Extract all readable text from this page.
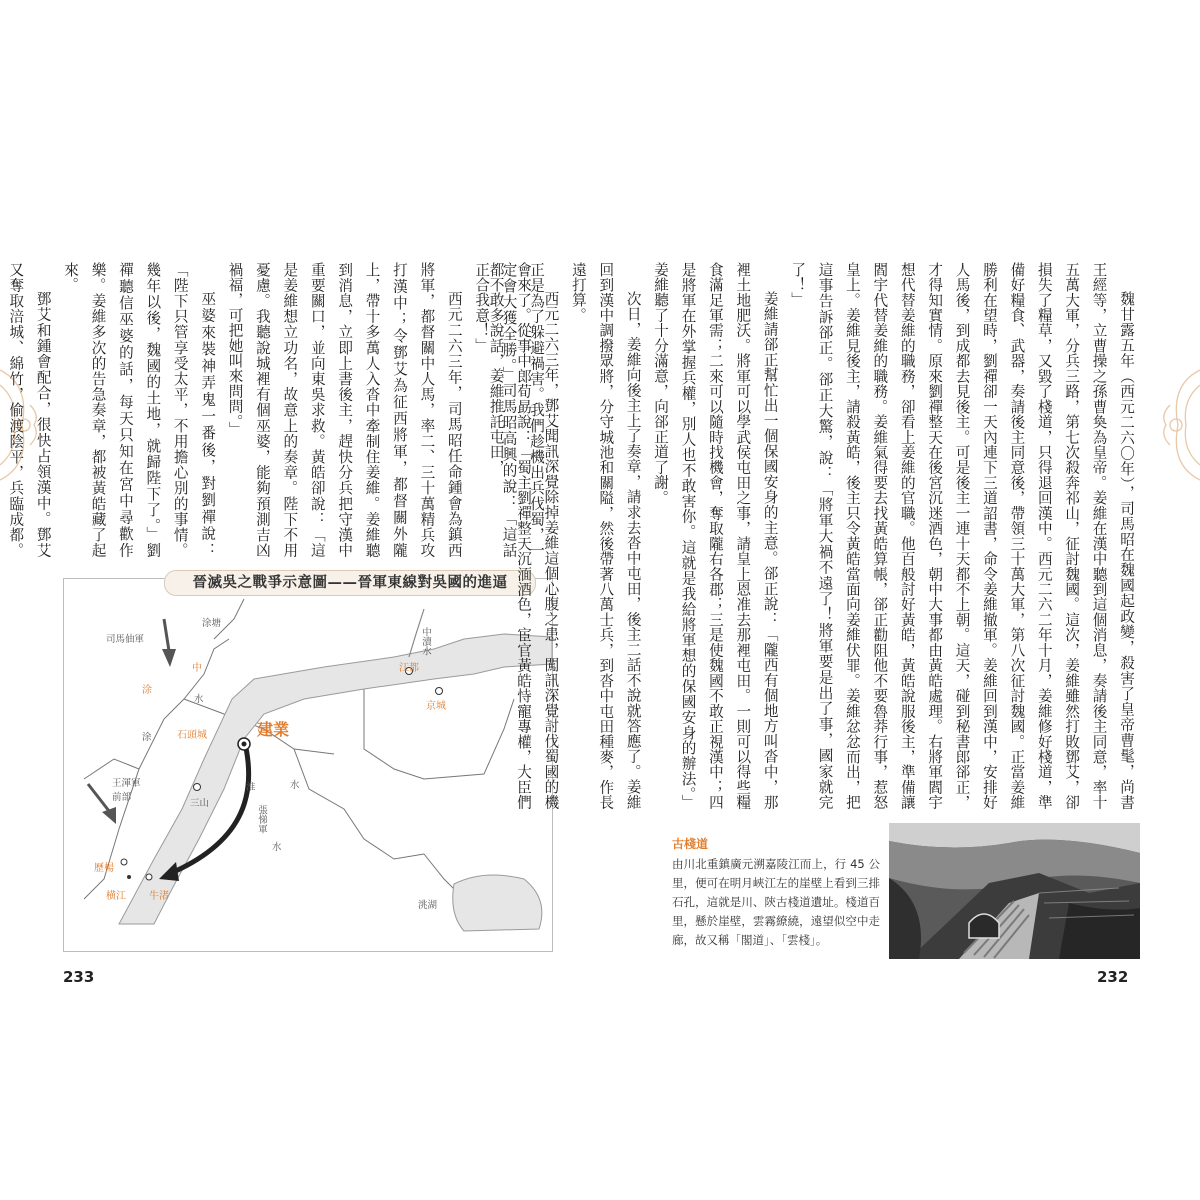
正是為了躲避禍害。我們趁機出兵伐蜀，一定會大獲全勝。」司馬昭高興的說：「這話正合我意！」

西元二六三年，司馬昭任命鍾會為鎮西將軍，都督關中人馬，率二、三十萬精兵攻打漢中；令鄧艾為征西將軍，都督關外隴上，帶十多萬人入沓中牽制住姜維。姜維聽到消息，立即上書後主，趕快分兵把守漢中重要關口，並向東吳求救。黃皓卻說：「這是姜維想立功名，故意上的奏章。陛下不用憂慮。我聽說城裡有個巫婆，能夠預測吉凶禍福，可把她叫來問問。」

巫婆來裝神弄鬼一番後，對劉禪說：「陛下只管享受太平，不用擔心別的事情。幾年以後，魏國的土地，就歸陛下了。」劉禪聽信巫婆的話，每天只知在宮中尋歡作樂。姜維多次的告急奏章，都被黃皓藏了起來。

鄧艾和鍾會配合，很快占領漢中。鄧艾又奪取涪城、綿竹，偷渡陰平，兵臨成都。

晉滅吳之戰爭示意圖——晉軍東線對吳國的進逼
建業
司馬伷軍
涂塘
中
涂
水
涂
中瀆水
江都
京城
石頭城
王渾軍
前部
三山
淮	水
張悌軍
歷楊
横江 牛渚
水
洮湖
233

魏甘露五年（西元二六〇年），司馬昭在魏國起政變，殺害了皇帝曹髦，尚書王經等，立曹操之孫曹奐為皇帝。姜維在漢中聽到這個消息，奏請後主同意，率十五萬大軍，分兵三路，第七次殺奔祁山，征討魏國。這次，姜維雖然打敗鄧艾，卻損失了糧草，又毀了棧道，只得退回漢中。西元二六二年十月，姜維修好棧道，準備好糧食、武器，奏請後主同意後，帶領三十萬大軍，第八次征討魏國。正當姜維勝利在望時，劉禪卻一天內連下三道詔書，命令姜維撤軍。姜維回到漢中，安排好人馬後，到成都去見後主。可是後主一連十天都不上朝。這天，碰到秘書郎郤正，才得知實情。原來劉禪整天在後宮沉迷酒色，朝中大事都由黃皓處理。右將軍閻宇想代替姜維的職務，卻看上姜維的官職。他百般討好黃皓，黃皓說服後主，準備讓閻宇代替姜維的職務。姜維氣得要去找黃皓算帳，郤正勸阻他不要魯莽行事，惹怒皇上。姜維見後主，請殺黃皓，後主只令黃皓當面向姜維伏罪。姜維忿忿而出，把這事告訴郤正。郤正大驚，說：「將軍大禍不遠了！將軍要是出了事，國家就完了！」

姜維請郤正幫忙出一個保國安身的主意。郤正說：「隴西有個地方叫沓中，那裡土地肥沃。將軍可以學武侯屯田之事，請皇上恩准去那裡屯田。一則可以得些糧食滿足軍需；二來可以隨時找機會，奪取隴右各郡；三是使魏國不敢正視漢中；四是將軍在外掌握兵權，別人也不敢害你。這就是我給將軍想的保國安身的辦法。」姜維聽了十分滿意，向郤正道了謝。

次日，姜維向後主上了奏章，請求去沓中屯田，後主二話不說就答應了。姜維回到漢中調撥眾將，分守城池和關隘，然後帶著八萬士兵，到沓中屯田種麥，作長遠打算。

西元二六三年，鄧艾聞訊深覺除掉姜維這個心腹之患，闖訊深覺討伐蜀國的機會來了。從事中郎荀勗說：「蜀主劉禪整天沉湎酒色，宦官黃皓恃寵專權，大臣們都不敢多說話，姜維推託屯田，

古棧道

由川北重鎮廣元溯嘉陵江而上，行 45 公里，便可在明月峽江左的崖壁上看到三排石孔，這就是川、陝古棧道遺址。棧道百里，懸於崖壁，雲霧繚繞，遠望似空中走廊，故又稱「閣道」、「雲棧」。

232
